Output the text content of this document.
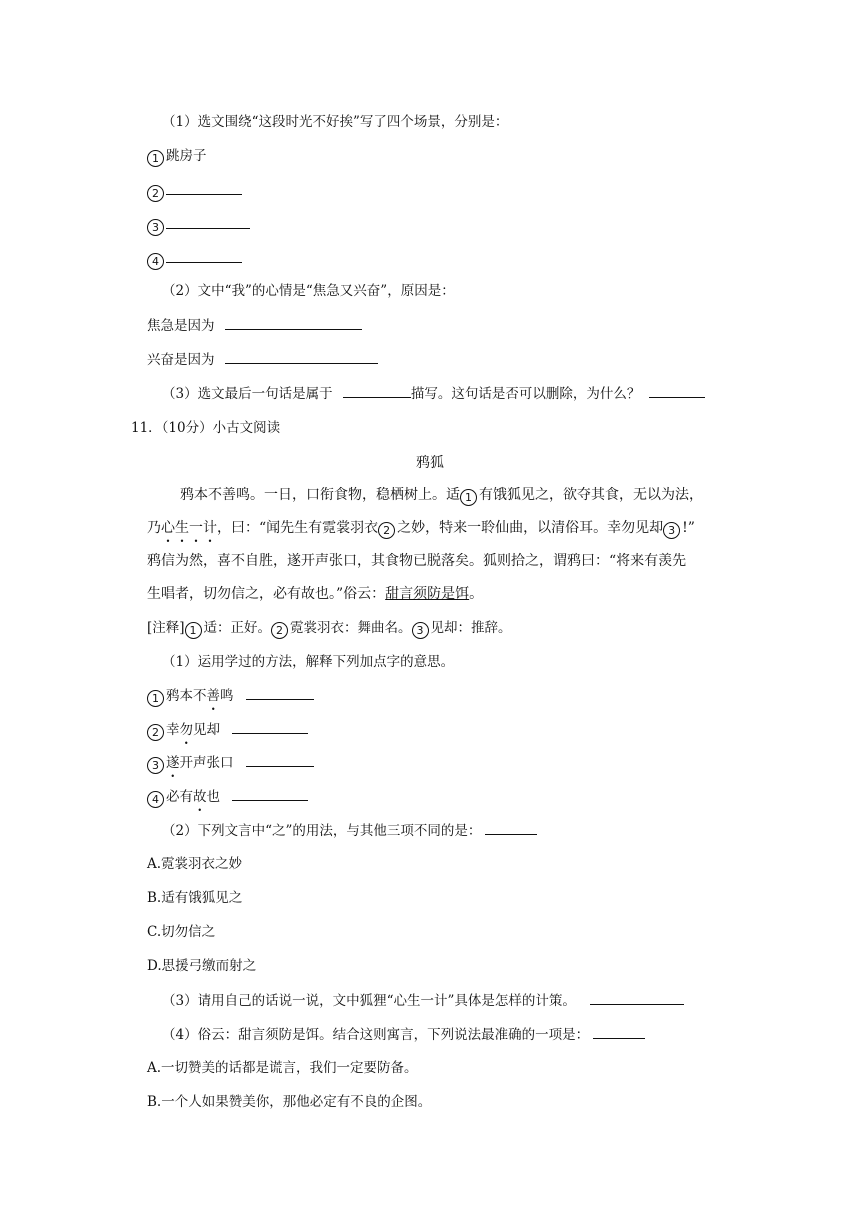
（1）选文围绕“这段时光不好挨”写了四个场景，分别是：
1 跳房子
2
3
4
（2）文中“我”的心情是“焦急又兴奋”，原因是：
焦急是因为
兴奋是因为
（3）选文最后一句话是属于	描写。这句话是否可以删除，为什么？
11．（10分）小古文阅读
鸦狐
鸦本不善鸣。一日，口衔食物，稳栖树上。适 1 有饿狐见之，欲夺其食，无以为法，
乃心生一计，曰：“闻先生有霓裳羽衣 2 之妙，特来一聆仙曲，以清俗耳。幸勿见却 3 !”
鸦信为然，喜不自胜，遂开声张口，其食物已脱落矣。狐则拾之，谓鸦曰：“将来有羡先
生唱者，切勿信之，必有故也。”俗云：甜言须防是饵。
[注释] 1 适：正好。 2 霓裳羽衣：舞曲名。 3 见却：推辞。
（1）运用学过的方法，解释下列加点字的意思。
1 鸦本不善鸣
2 幸勿见却
3 遂开声张口
4 必有故也
（2）下列文言中“之”的用法，与其他三项不同的是：
A.霓裳羽衣之妙
B.适有饿狐见之
C.切勿信之
D.思援弓缴而射之
（3）请用自己的话说一说，文中狐狸“心生一计”具体是怎样的计策。
（4）俗云：甜言须防是饵。结合这则寓言，下列说法最准确的一项是：
A.一切赞美的话都是谎言，我们一定要防备。
B.一个人如果赞美你，那他必定有不良的企图。
